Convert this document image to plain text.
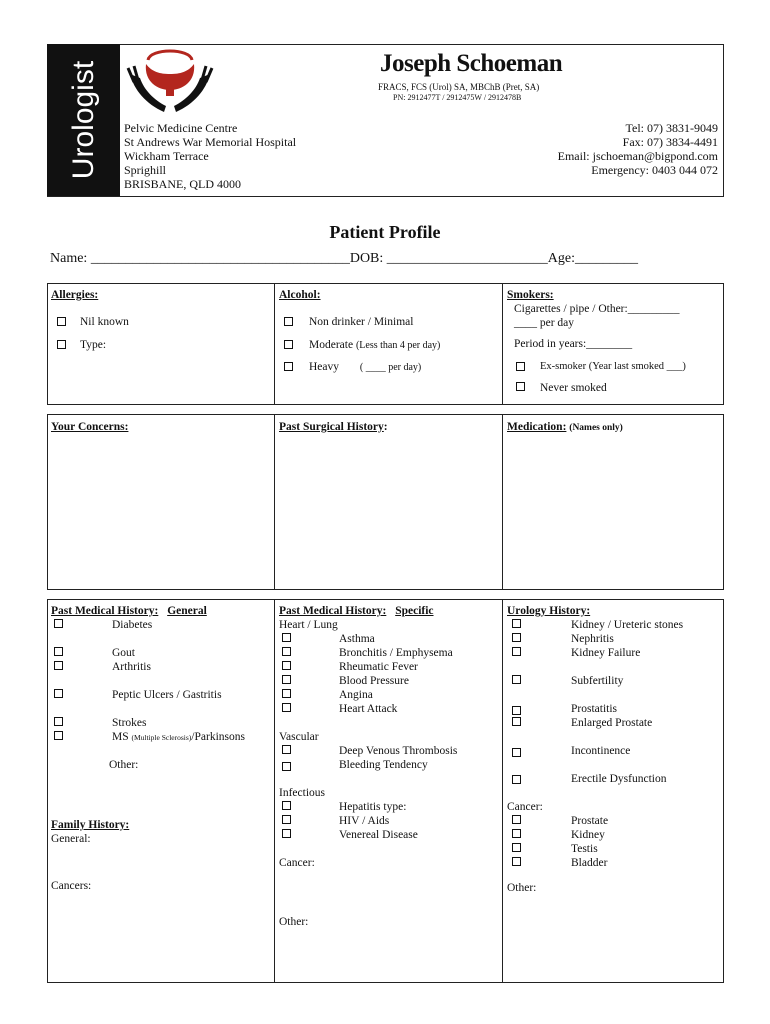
Urologist	Joseph Schoeman
FRACS, FCS (Urol) SA, MBChB (Pret, SA)
PN: 2912477T / 2912475W / 2912478B
Pelvic Medicine Centre
St Andrews War Memorial Hospital
Wickham Terrace
Sprighill
BRISBANE, QLD 4000
Tel: 07) 3831-9049
Fax: 07) 3834-4491
Email: jschoeman@bigpond.com
Emergency: 0403 044 072
Patient Profile
Name: _____________________________________DOB: _______________________Age:_________
Allergies:
Nil known
Type:
Alcohol:
Non drinker / Minimal
Moderate (Less than 4 per day)
Heavy ( ____ per day)
Smokers:
Cigarettes / pipe / Other:_________
____ per day
Period in years:________
Ex-smoker (Year last smoked ___)
Never smoked
Your Concerns:	Past Surgical History:	Medication: (Names only)
Past Medical History: General
Diabetes
Gout
Arthritis
Peptic Ulcers / Gastritis
Strokes
MS (Multiple Sclerosis)/Parkinsons
Other:
Family History:
General:
Cancers:
Past Medical History: Specific
Heart / Lung
Asthma
Bronchitis / Emphysema
Rheumatic Fever
Blood Pressure
Angina
Heart Attack
Vascular
Deep Venous Thrombosis
Bleeding Tendency
Infectious
Hepatitis type:
HIV / Aids
Venereal Disease
Cancer:
Other:
Urology History:
Kidney / Ureteric stones
Nephritis
Kidney Failure
Subfertility
Prostatitis
Enlarged Prostate
Incontinence
Erectile Dysfunction
Cancer:
Prostate
Kidney
Testis
Bladder
Other:
